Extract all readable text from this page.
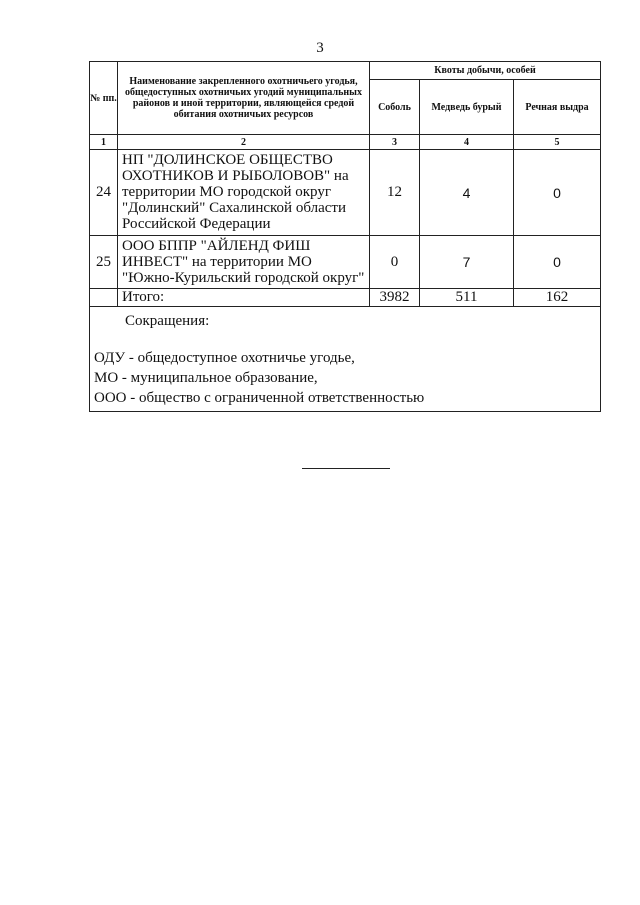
3
№ пп.	Наименование закрепленного охотничьего угодья, общедоступных охотничьих угодий муниципальных районов и иной территории, являющейся средой обитания охотничьих ресурсов	Квоты добычи, особей		
		Соболь	Медведь бурый	Речная выдра
1	2	3	4	5
24	НП "ДОЛИНСКОЕ ОБЩЕСТВО ОХОТНИКОВ И РЫБОЛОВОВ" на территории МО городской округ "Долинский" Сахалинской области Российской Федерации	12	4	0
25	ООО БППР "АЙЛЕНД ФИШ ИНВЕСТ" на территории МО "Южно-Курильский городской округ"	0	7	0
	Итого:	3982	511	162

Сокращения:
ОДУ - общедоступное охотничье угодье,
МО - муниципальное образование,
ООО - общество с ограниченной ответственностью				
